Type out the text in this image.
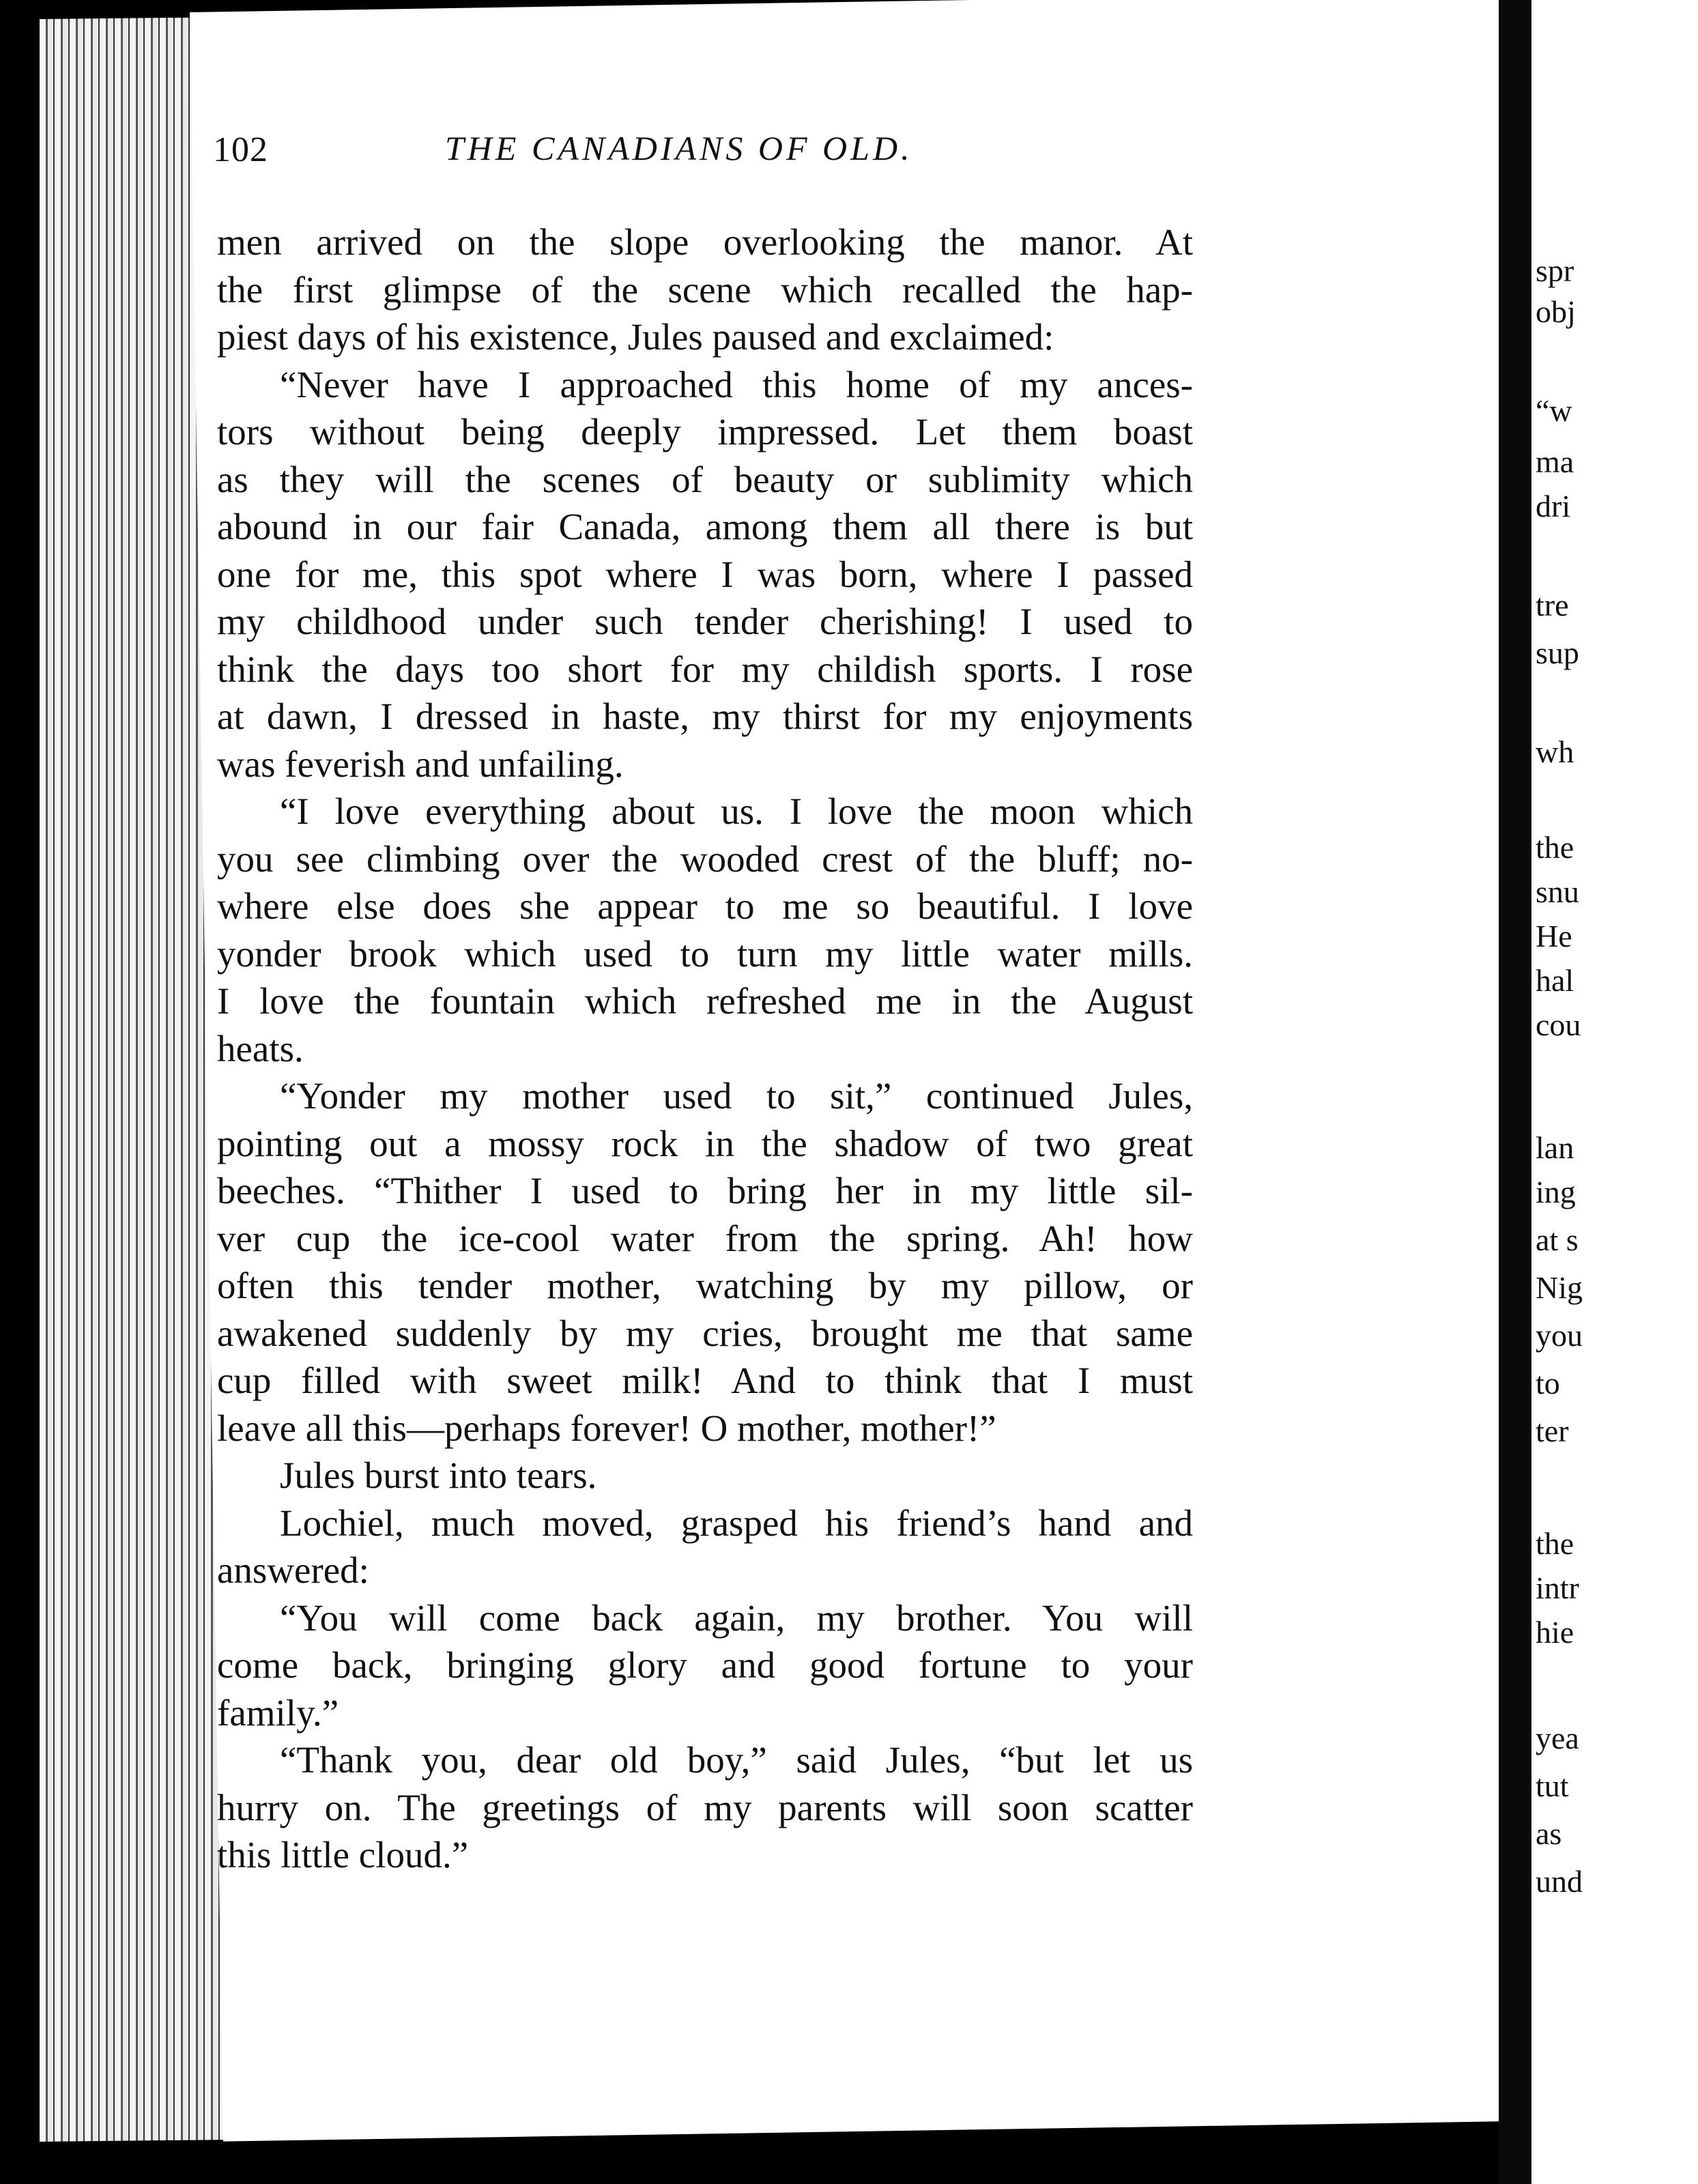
spr
obj
“w
ma
dri
tre
sup
wh
the
snu
He
hal
cou
lan
ing
at s
Nig
you
to
ter
the
intr
hie
yea
tut
as
und
102	THE CANADIANS OF OLD.
men arrived on the slope overlooking the manor. At
the first glimpse of the scene which recalled the hap-
piest days of his existence, Jules paused and exclaimed:
“Never have I approached this home of my ances-
tors without being deeply impressed. Let them boast
as they will the scenes of beauty or sublimity which
abound in our fair Canada, among them all there is but
one for me, this spot where I was born, where I passed
my childhood under such tender cherishing! I used to
think the days too short for my childish sports. I rose
at dawn, I dressed in haste, my thirst for my enjoyments
was feverish and unfailing.
“I love everything about us. I love the moon which
you see climbing over the wooded crest of the bluff; no-
where else does she appear to me so beautiful. I love
yonder brook which used to turn my little water mills.
I love the fountain which refreshed me in the August
heats.
“Yonder my mother used to sit,” continued Jules,
pointing out a mossy rock in the shadow of two great
beeches. “Thither I used to bring her in my little sil-
ver cup the ice-cool water from the spring. Ah! how
often this tender mother, watching by my pillow, or
awakened suddenly by my cries, brought me that same
cup filled with sweet milk! And to think that I must
leave all this—perhaps forever! O mother, mother!”
Jules burst into tears.
Lochiel, much moved, grasped his friend’s hand and
answered:
“You will come back again, my brother. You will
come back, bringing glory and good fortune to your
family.”
“Thank you, dear old boy,” said Jules, “but let us
hurry on. The greetings of my parents will soon scatter
this little cloud.”
